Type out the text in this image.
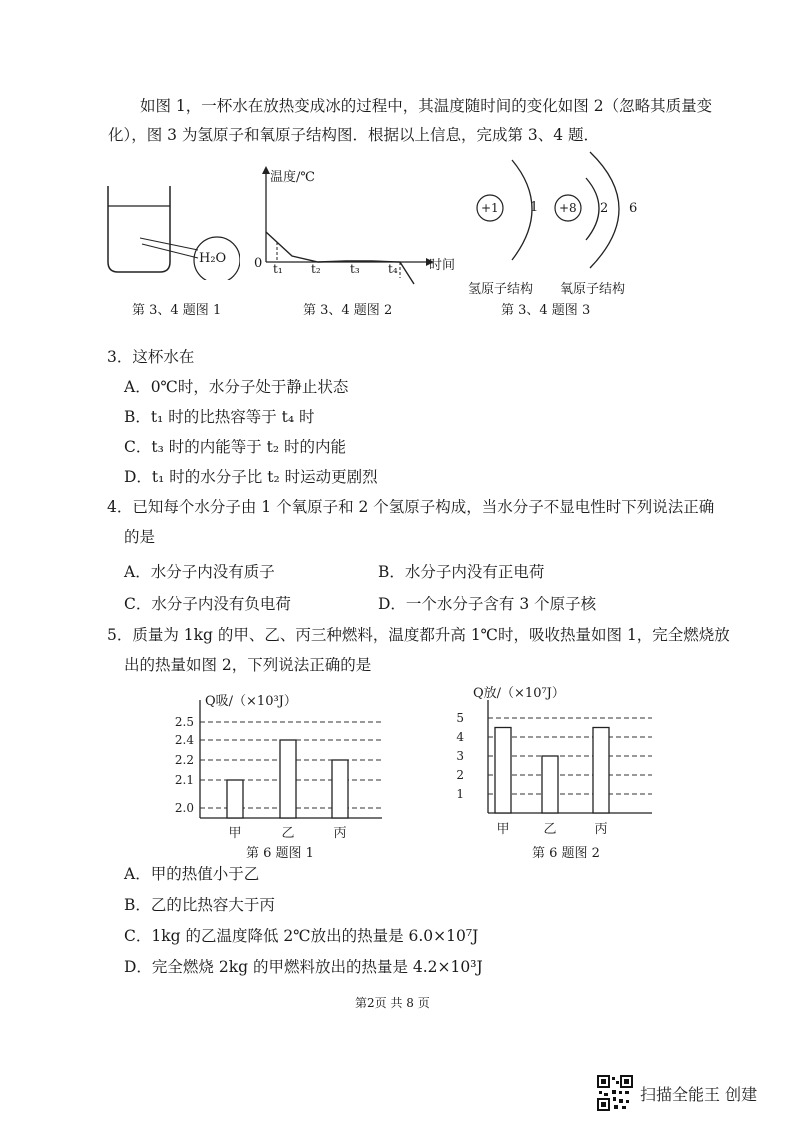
如图 1，一杯水在放热变成冰的过程中，其温度随时间的变化如图 2（忽略其质量变
化），图 3 为氢原子和氧原子结构图．根据以上信息，完成第 3、4 题．
H₂O
第 3、4 题图 1
温度/℃
时间
0 t₁ t₂ t₃ t₄
第 3、4 题图 2
+1 1 +8 2 6
氢原子结构 氧原子结构
第 3、4 题图 3
3．这杯水在
A．0℃时，水分子处于静止状态
B．t₁ 时的比热容等于 t₄ 时
C．t₃ 时的内能等于 t₂ 时的内能
D．t₁ 时的水分子比 t₂ 时运动更剧烈
4．已知每个水分子由 1 个氧原子和 2 个氢原子构成，当水分子不显电性时下列说法正确
的是
A．水分子内没有质子	B．水分子内没有正电荷
C．水分子内没有负电荷	D．一个水分子含有 3 个原子核
5．质量为 1kg 的甲、乙、丙三种燃料，温度都升高 1℃时，吸收热量如图 1，完全燃烧放
出的热量如图 2，下列说法正确的是
2.0
2.1
2.2
2.4
2.5
甲	乙	丙
Q吸/（×10³J）
第 6 题图 1
1
2
3
4
5
甲	乙	丙
Q放/（×10⁷J）
第 6 题图 2
A．甲的热值小于乙
B．乙的比热容大于丙
C．1kg 的乙温度降低 2℃放出的热量是 6.0×10⁷J
D．完全燃烧 2kg 的甲燃料放出的热量是 4.2×10³J
第2页 共 8 页
扫描全能王 创建
